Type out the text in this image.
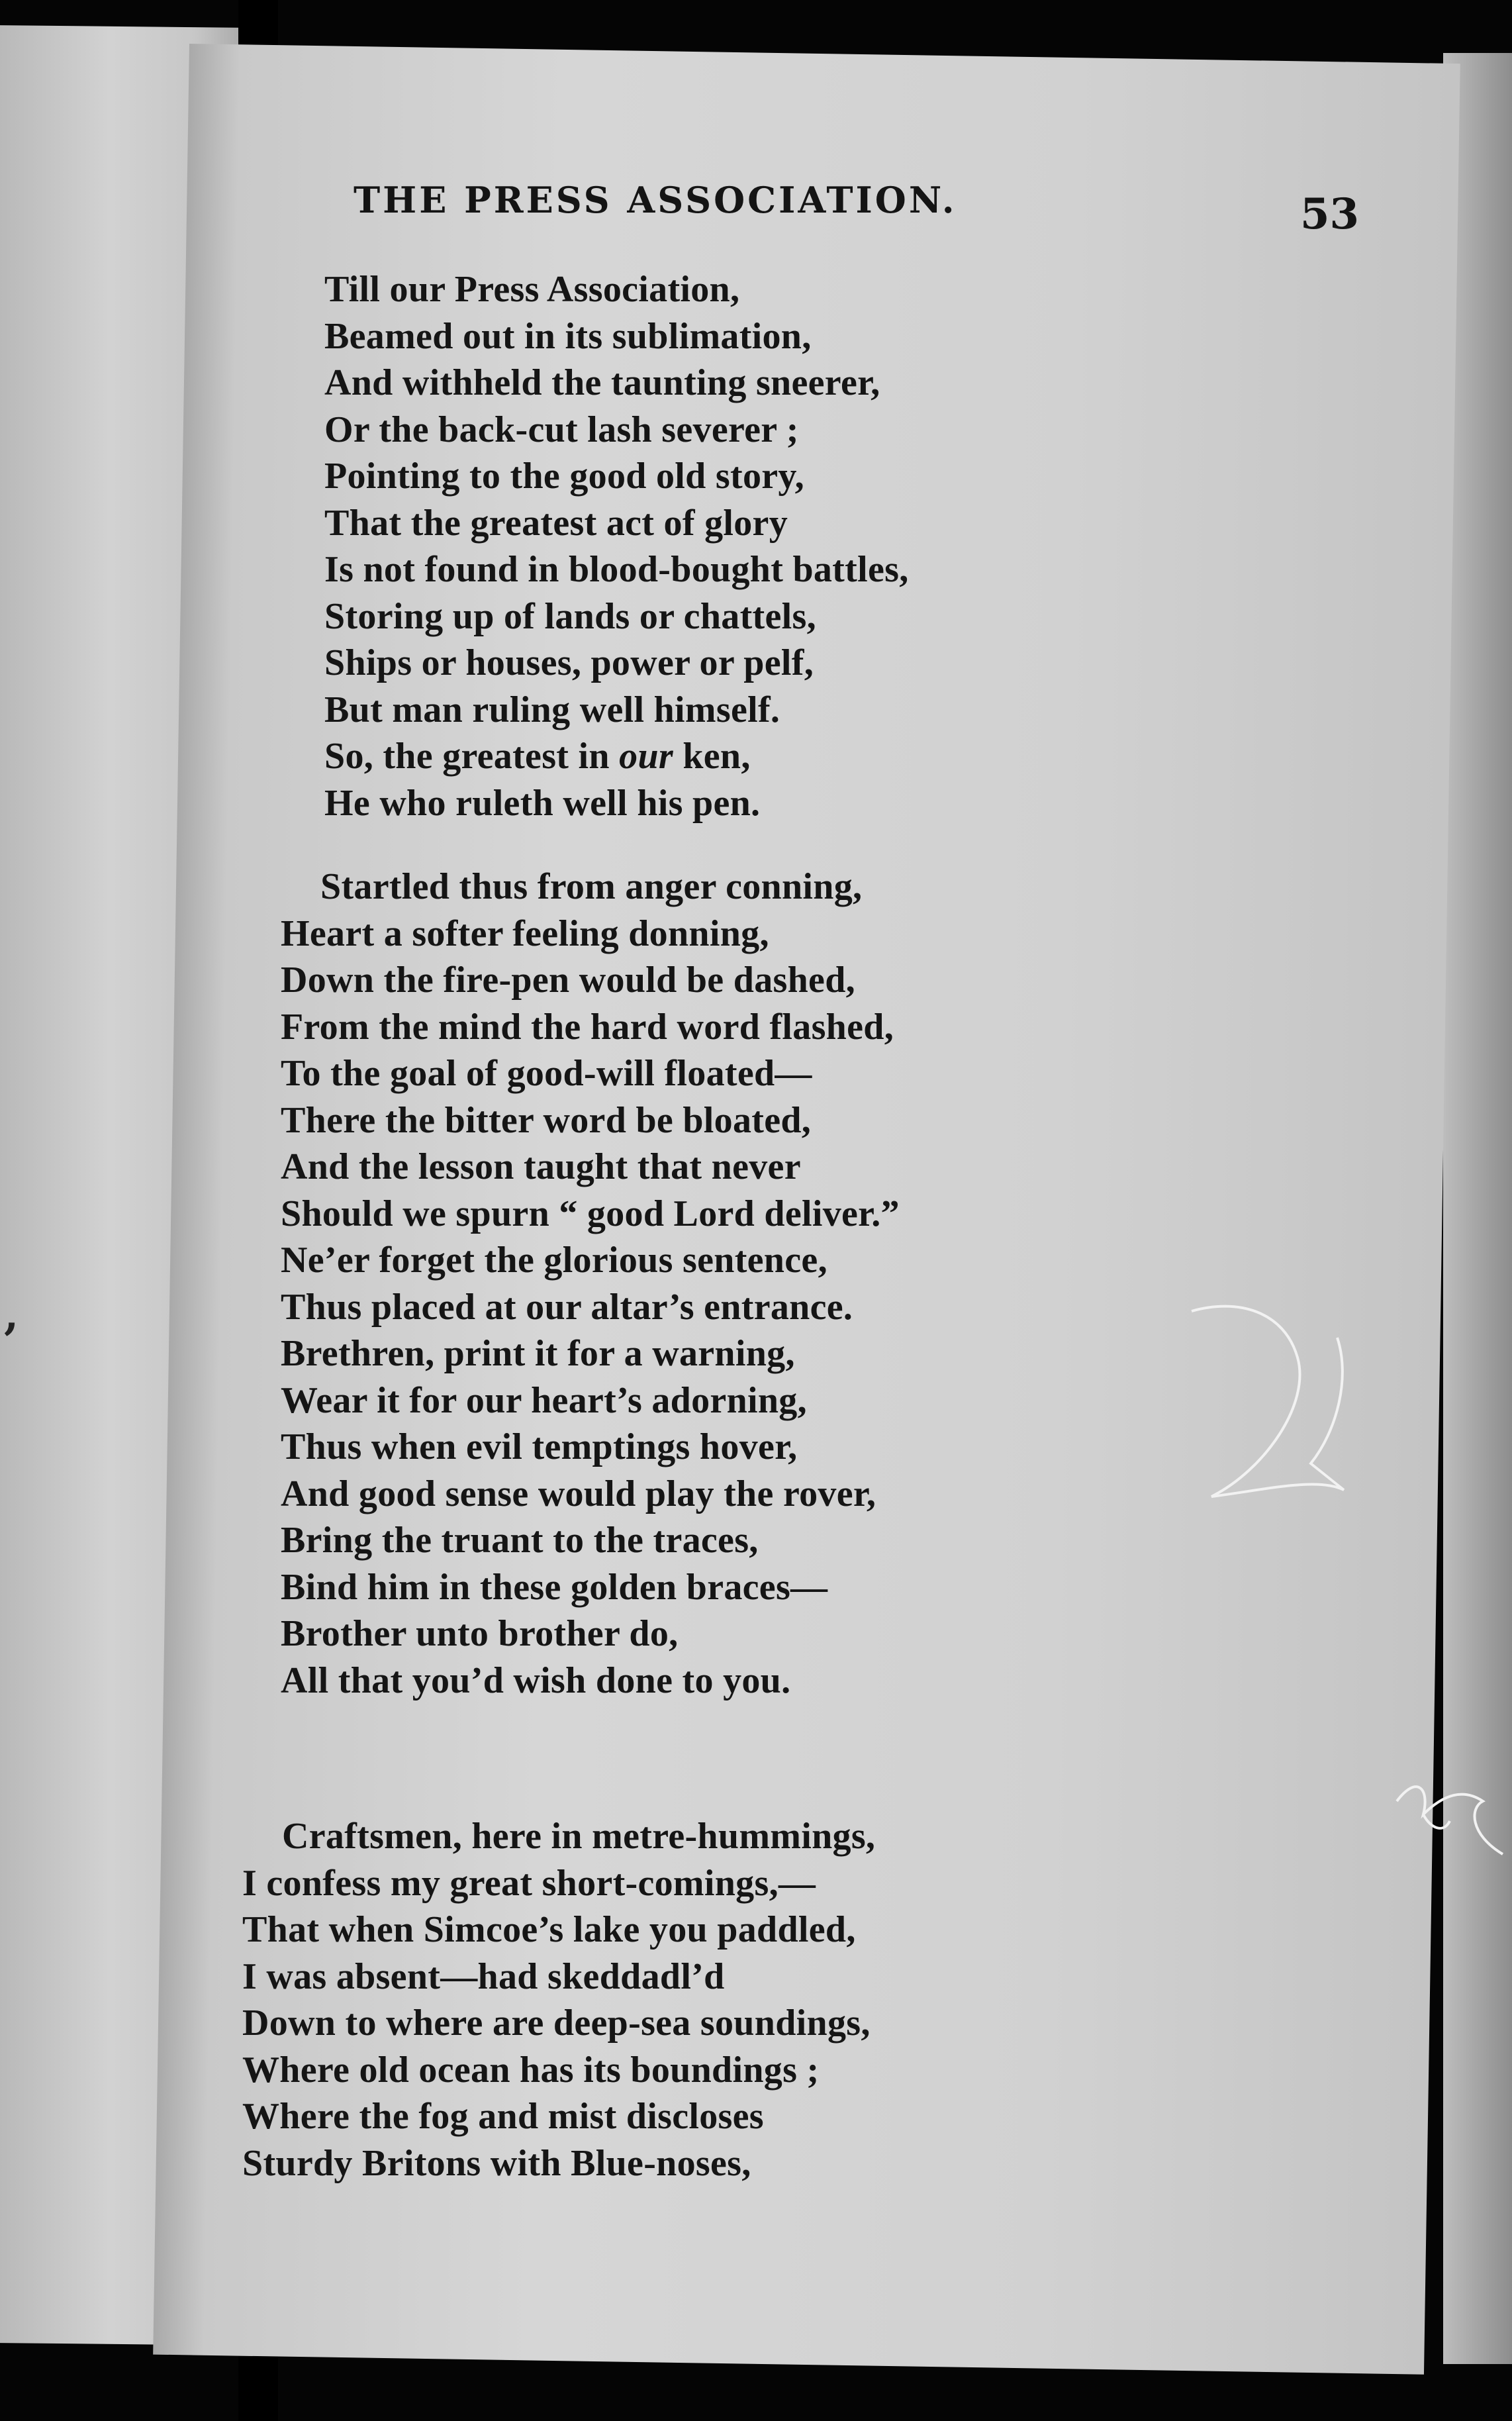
,
THE PRESS ASSOCIATION.	53
Till our Press Association,
Beamed out in its sublimation,
And withheld the taunting sneerer,
Or the back-cut lash severer ;
Pointing to the good old story,
That the greatest act of glory
Is not found in blood-bought battles,
Storing up of lands or chattels,
Ships or houses, power or pelf,
But man ruling well himself.
So, the greatest in our ken,
He who ruleth well his pen.
Startled thus from anger conning,
Heart a softer feeling donning,
Down the fire-pen would be dashed,
From the mind the hard word flashed,
To the goal of good-will floated—
There the bitter word be bloated,
And the lesson taught that never
Should we spurn “ good Lord deliver.”
Ne’er forget the glorious sentence,
Thus placed at our altar’s entrance.
Brethren, print it for a warning,
Wear it for our heart’s adorning,
Thus when evil temptings hover,
And good sense would play the rover,
Bring the truant to the traces,
Bind him in these golden braces—
Brother unto brother do,
All that you’d wish done to you.
Craftsmen, here in metre-hummings,
I confess my great short-comings,—
That when Simcoe’s lake you paddled,
I was absent—had skeddadl’d
Down to where are deep-sea soundings,
Where old ocean has its boundings ;
Where the fog and mist discloses
Sturdy Britons with Blue-noses,
